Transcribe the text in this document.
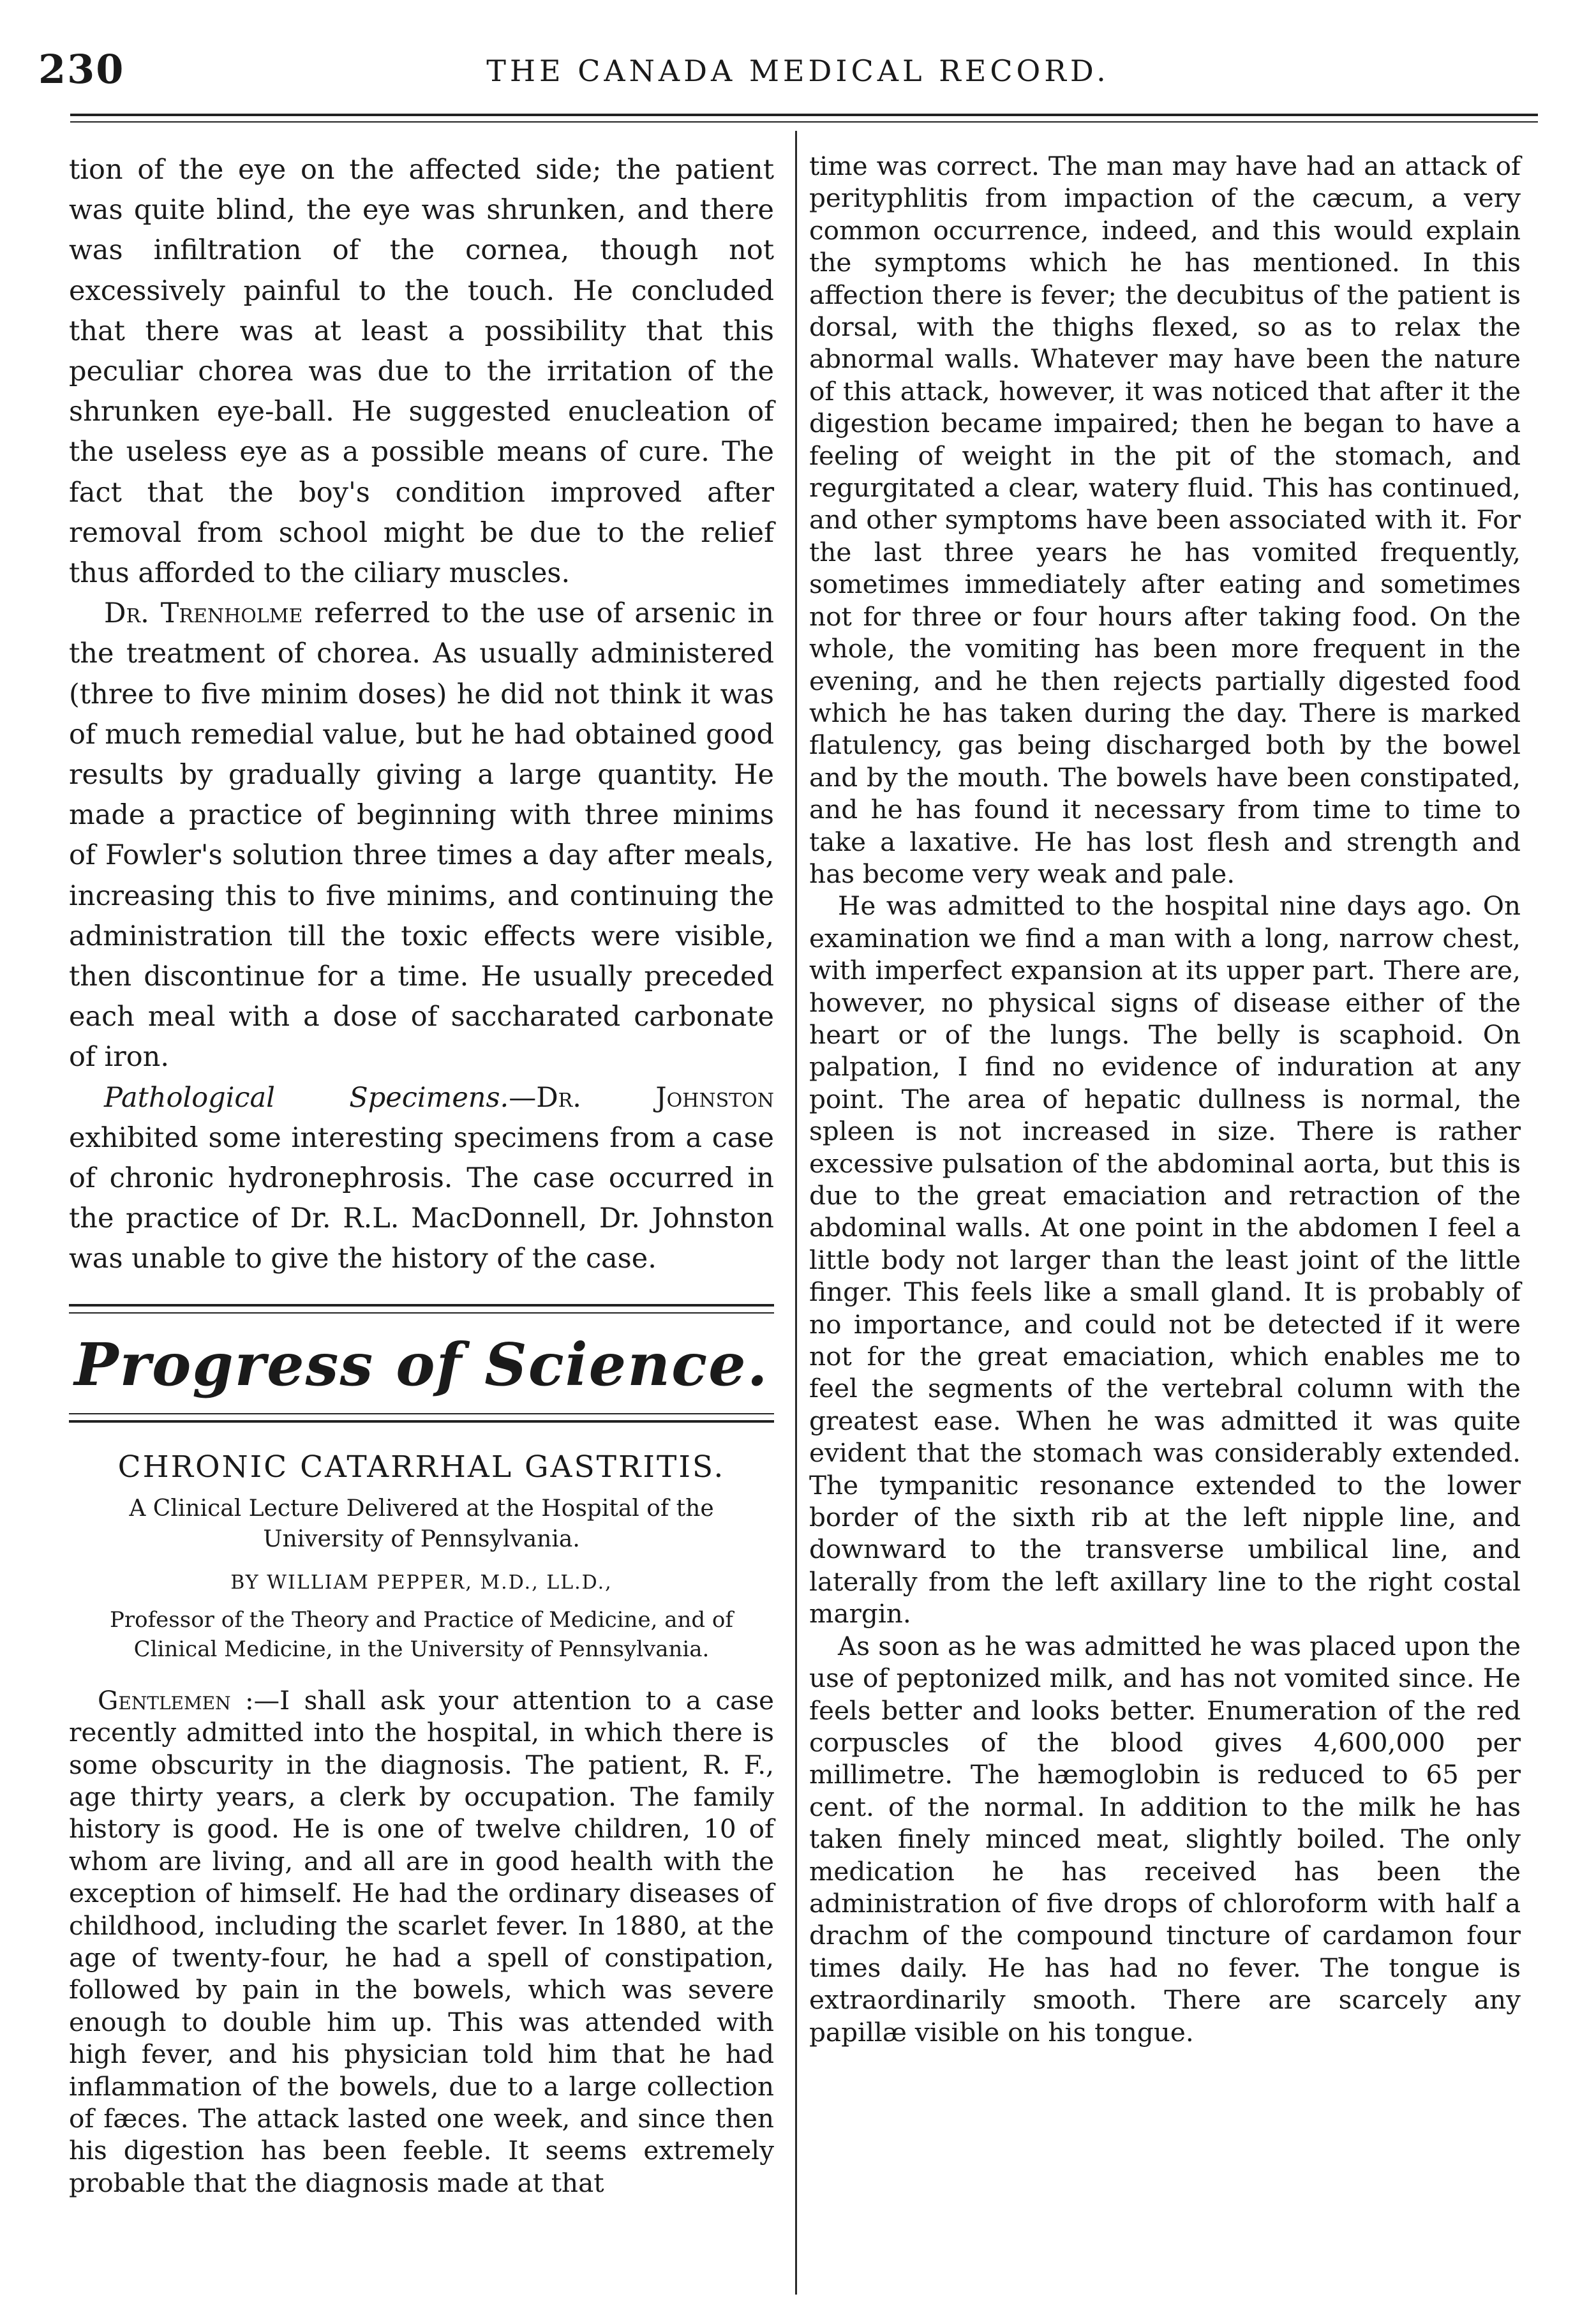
230	THE CANADA MEDICAL RECORD.

tion of the eye on the affected side; the patient was quite blind, the eye was shrunken, and there was infiltration of the cornea, though not excessively painful to the touch. He concluded that there was at least a possibility that this peculiar chorea was due to the irritation of the shrunken eye-ball. He suggested enucleation of the useless eye as a possible means of cure. The fact that the boy's condition improved after removal from school might be due to the relief thus afforded to the ciliary muscles.

Dr. Trenholme referred to the use of arsenic in the treatment of chorea. As usually administered (three to five minim doses) he did not think it was of much remedial value, but he had obtained good results by gradually giving a large quantity. He made a practice of beginning with three minims of Fowler's solution three times a day after meals, increasing this to five minims, and continuing the administration till the toxic effects were visible, then discontinue for a time. He usually preceded each meal with a dose of saccharated carbonate of iron.

Pathological Specimens.—Dr. Johnston exhibited some interesting specimens from a case of chronic hydronephrosis. The case occurred in the practice of Dr. R.L. MacDonnell, Dr. Johnston was unable to give the history of the case.

Progress of Science.
CHRONIC CATARRHAL GASTRITIS.
A Clinical Lecture Delivered at the Hospital of the University of Pennsylvania.
BY WILLIAM PEPPER, M.D., LL.D.,
Professor of the Theory and Practice of Medicine, and of Clinical Medicine, in the University of Pennsylvania.

Gentlemen :—I shall ask your attention to a case recently admitted into the hospital, in which there is some obscurity in the diagnosis. The patient, R. F., age thirty years, a clerk by occupation. The family history is good. He is one of twelve children, 10 of whom are living, and all are in good health with the exception of himself. He had the ordinary diseases of childhood, including the scarlet fever. In 1880, at the age of twenty-four, he had a spell of constipation, followed by pain in the bowels, which was severe enough to double him up. This was attended with high fever, and his physician told him that he had inflammation of the bowels, due to a large collection of fæces. The attack lasted one week, and since then his digestion has been feeble. It seems extremely probable that the diagnosis made at that

time was correct. The man may have had an attack of perityphlitis from impaction of the cæcum, a very common occurrence, indeed, and this would explain the symptoms which he has mentioned. In this affection there is fever; the decubitus of the patient is dorsal, with the thighs flexed, so as to relax the abnormal walls. Whatever may have been the nature of this attack, however, it was noticed that after it the digestion became impaired; then he began to have a feeling of weight in the pit of the stomach, and regurgitated a clear, watery fluid. This has continued, and other symptoms have been associated with it. For the last three years he has vomited frequently, sometimes immediately after eating and sometimes not for three or four hours after taking food. On the whole, the vomiting has been more frequent in the evening, and he then rejects partially digested food which he has taken during the day. There is marked flatulency, gas being discharged both by the bowel and by the mouth. The bowels have been constipated, and he has found it necessary from time to time to take a laxative. He has lost flesh and strength and has become very weak and pale.

He was admitted to the hospital nine days ago. On examination we find a man with a long, narrow chest, with imperfect expansion at its upper part. There are, however, no physical signs of disease either of the heart or of the lungs. The belly is scaphoid. On palpation, I find no evidence of induration at any point. The area of hepatic dullness is normal, the spleen is not increased in size. There is rather excessive pulsation of the abdominal aorta, but this is due to the great emaciation and retraction of the abdominal walls. At one point in the abdomen I feel a little body not larger than the least joint of the little finger. This feels like a small gland. It is probably of no importance, and could not be detected if it were not for the great emaciation, which enables me to feel the segments of the vertebral column with the greatest ease. When he was admitted it was quite evident that the stomach was considerably extended. The tympanitic resonance extended to the lower border of the sixth rib at the left nipple line, and downward to the transverse umbilical line, and laterally from the left axillary line to the right costal margin.

As soon as he was admitted he was placed upon the use of peptonized milk, and has not vomited since. He feels better and looks better. Enumeration of the red corpuscles of the blood gives 4,600,000 per millimetre. The hæmoglobin is reduced to 65 per cent. of the normal. In addition to the milk he has taken finely minced meat, slightly boiled. The only medication he has received has been the administration of five drops of chloroform with half a drachm of the compound tincture of cardamon four times daily. He has had no fever. The tongue is extraordinarily smooth. There are scarcely any papillæ visible on his tongue.
